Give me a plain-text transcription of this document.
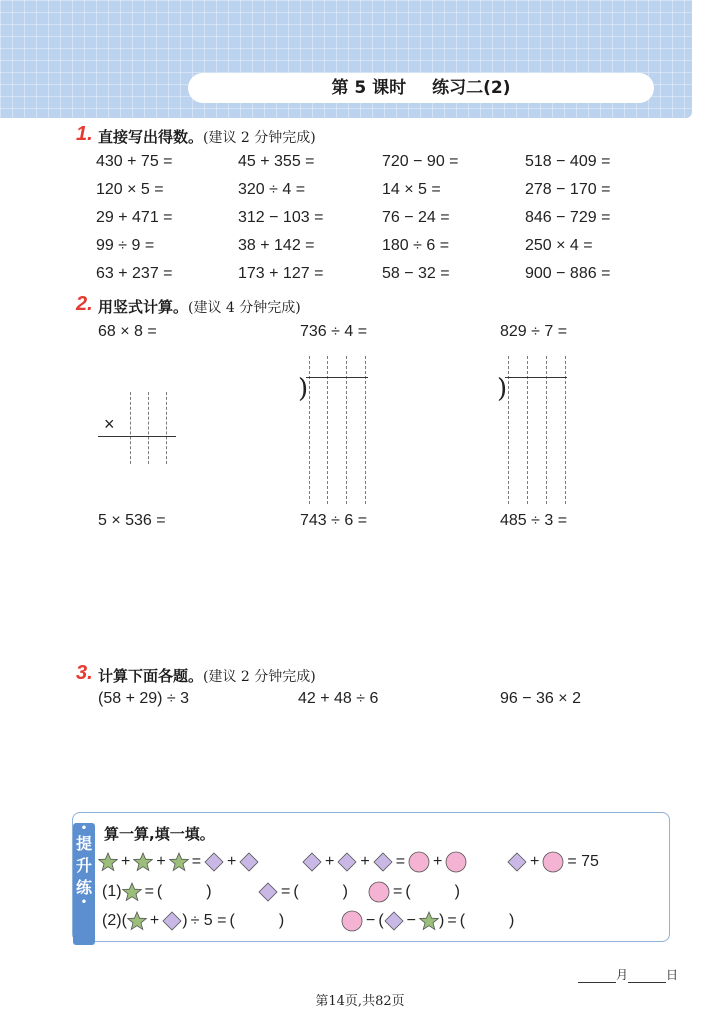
第 5 课时 练习二(2)
1. 直接写出得数。(建议 2 分钟完成)
430 + 75 =	45 + 355 =	720 − 90 =	518 − 409 =
120 × 5 =	320 ÷ 4 =	14 × 5 =	278 − 170 =
29 + 471 =	312 − 103 =	76 − 24 =	846 − 729 =
99 ÷ 9 =	38 + 142 =	180 ÷ 6 =	250 × 4 =
63 + 237 =	173 + 127 =	58 − 32 =	900 − 886 =
2. 用竖式计算。(建议 4 分钟完成)
68 × 8 =	736 ÷ 4 =	829 ÷ 7 =
×
)	)
5 × 536 =	743 ÷ 6 =	485 ÷ 3 =
3. 计算下面各题。(建议 2 分钟完成)
(58 + 29) ÷ 3	42 + 48 ÷ 6	96 − 36 × 2
•
提升练
•
算一算,填一填。
+ + = +	+ + = +	+ = 75
(1) = (	)	= (	)	= (	)
(2) ( + ) ÷ 5 = (	)	− ( − ) = (	)
月	日
第14页,共82页
